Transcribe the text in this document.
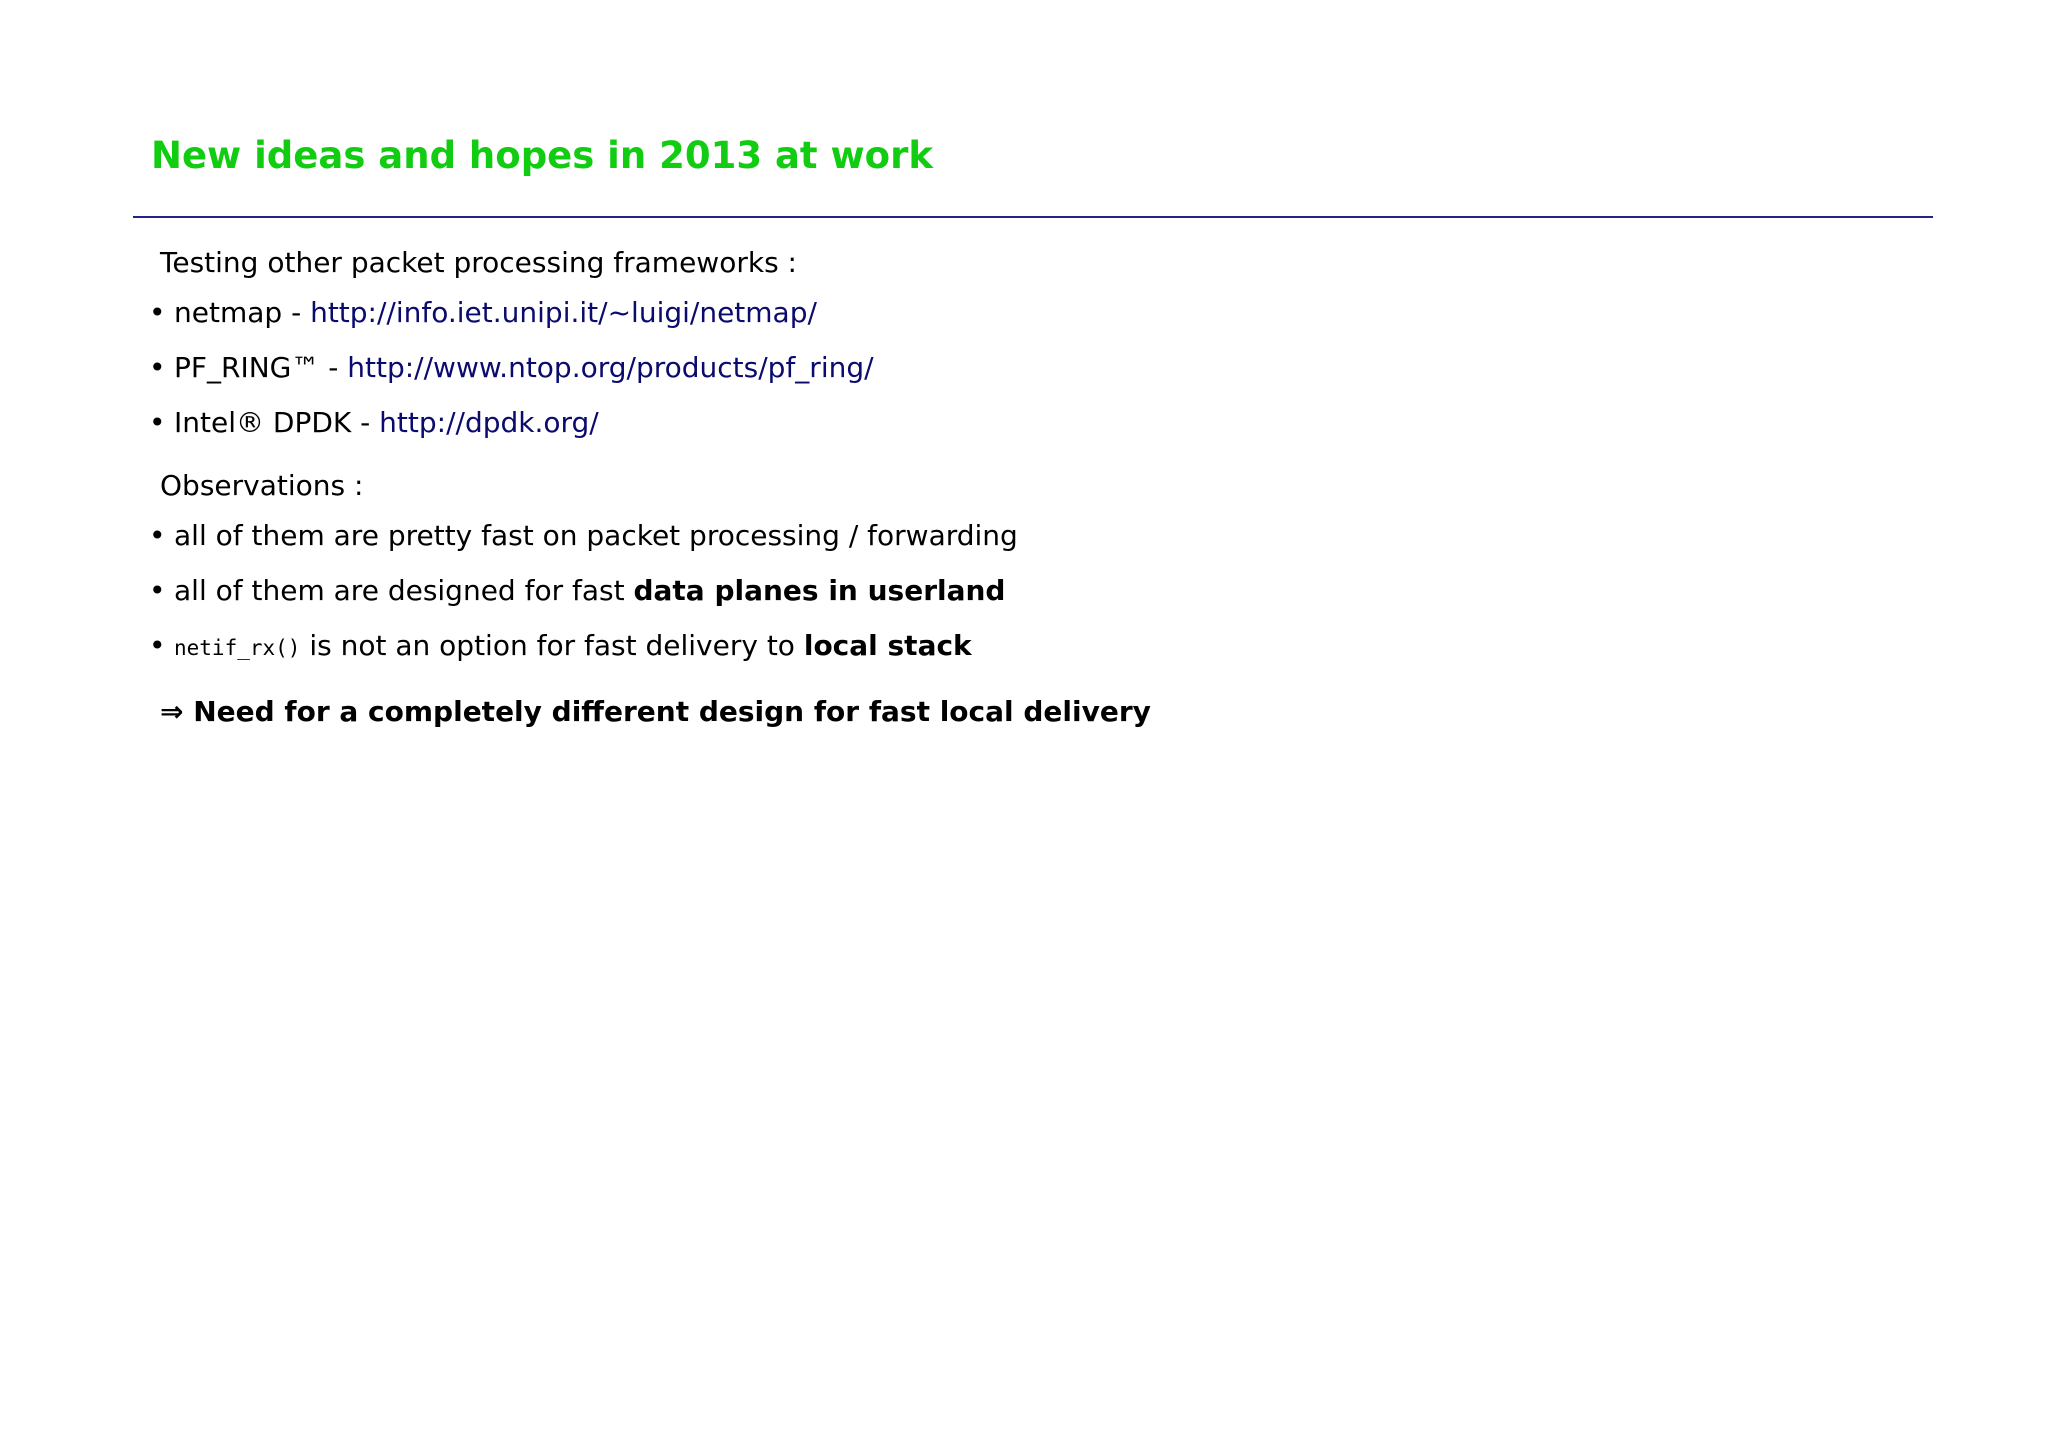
New ideas and hopes in 2013 at work

Testing other packet processing frameworks :

• netmap - http://info.iet.unipi.it/~luigi/netmap/
• PF_RING™ - http://www.ntop.org/products/pf_ring/
• Intel® DPDK - http://dpdk.org/

Observations :

• all of them are pretty fast on packet processing / forwarding
• all of them are designed for fast data planes in userland
• netif_rx() is not an option for fast delivery to local stack

⇒ Need for a completely different design for fast local delivery
